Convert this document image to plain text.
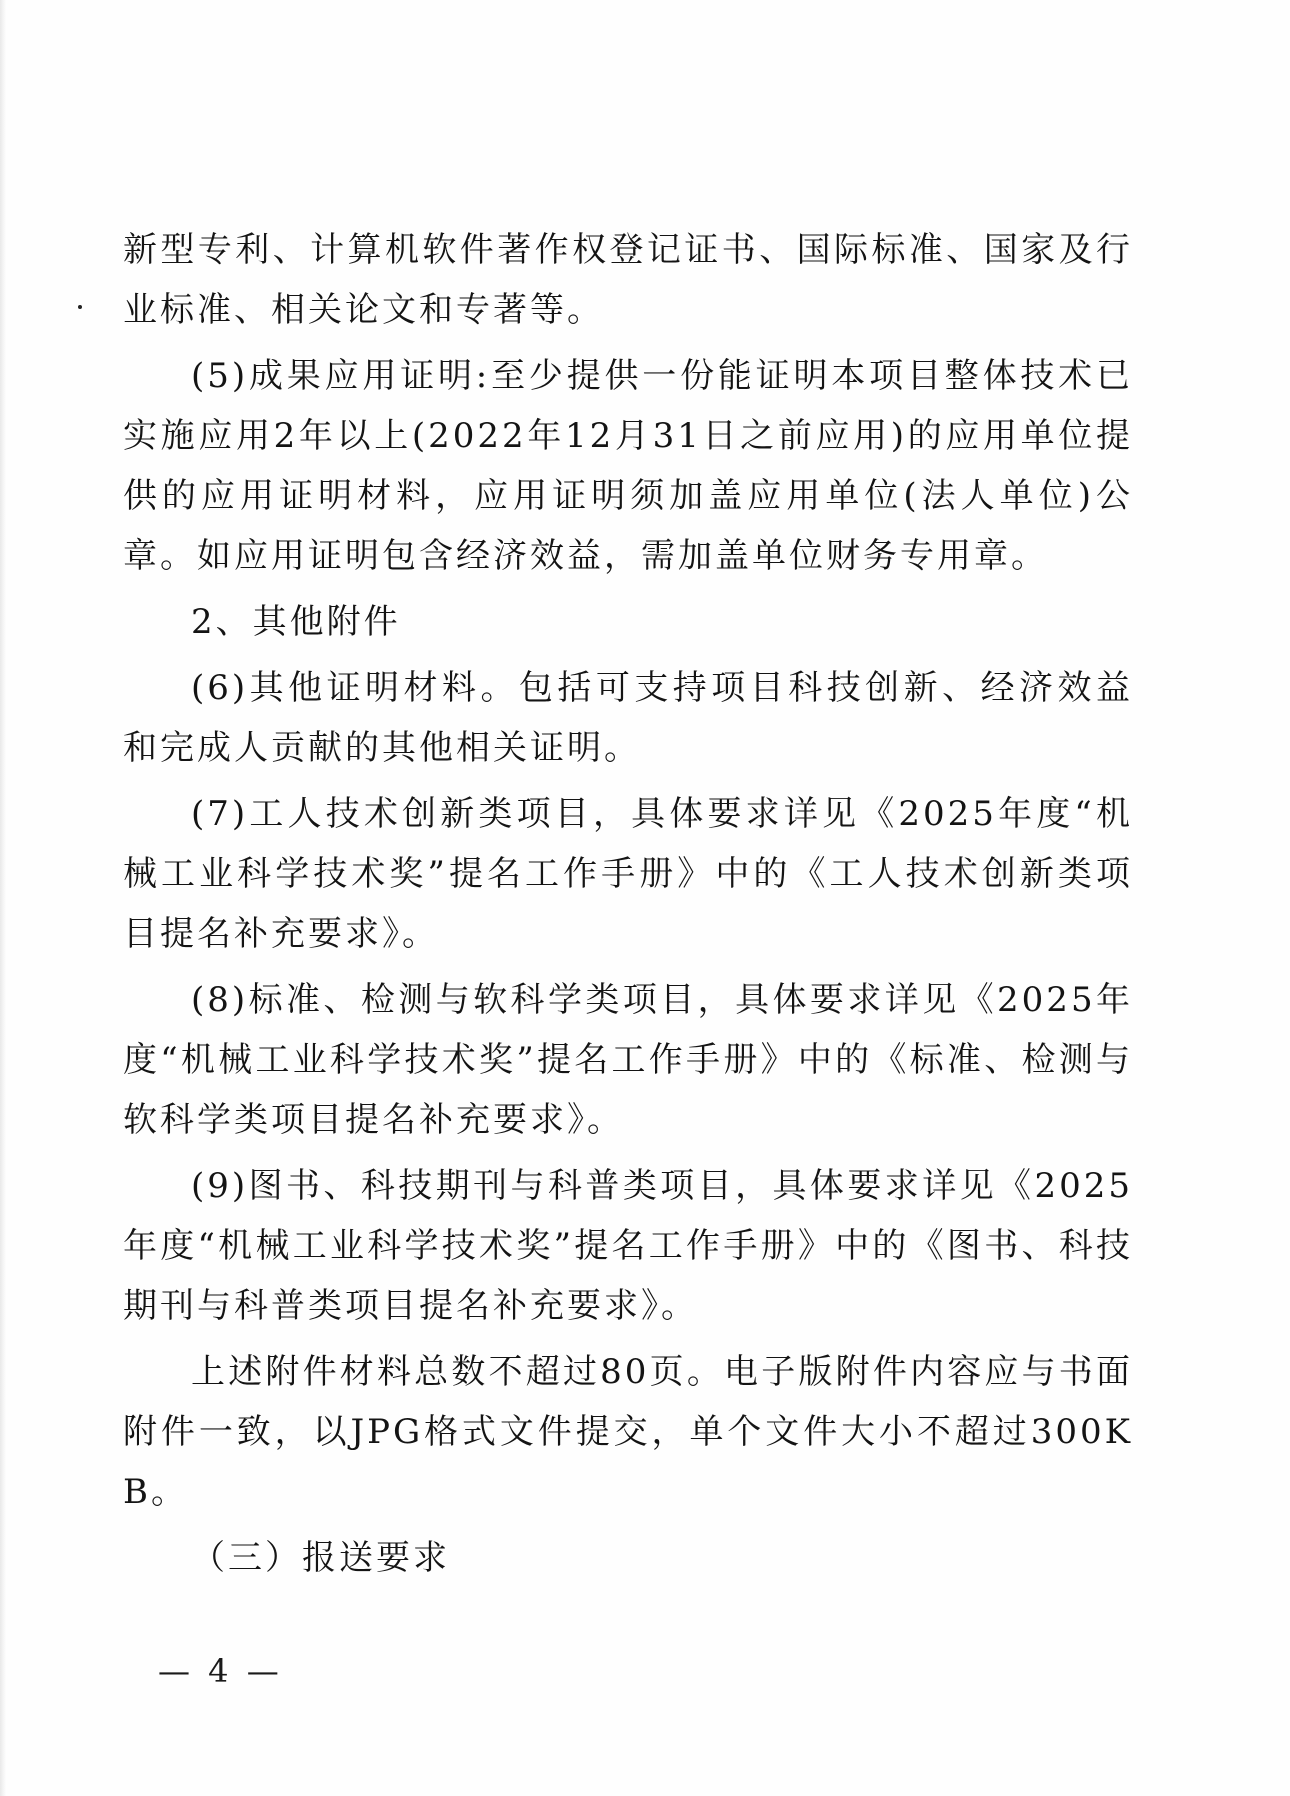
新型专利、计算机软件著作权登记证书、国际标准、国家及行业标准、相关论文和专著等。

(5)成果应用证明:至少提供一份能证明本项目整体技术已实施应用2年以上(2022年12月31日之前应用)的应用单位提供的应用证明材料，应用证明须加盖应用单位(法人单位)公章。如应用证明包含经济效益，需加盖单位财务专用章。

2、其他附件

(6)其他证明材料。包括可支持项目科技创新、经济效益和完成人贡献的其他相关证明。

(7)工人技术创新类项目，具体要求详见《2025年度“机械工业科学技术奖”提名工作手册》中的《工人技术创新类项目提名补充要求》。

(8)标准、检测与软科学类项目，具体要求详见《2025年度“机械工业科学技术奖”提名工作手册》中的《标准、检测与软科学类项目提名补充要求》。

(9)图书、科技期刊与科普类项目，具体要求详见《2025年度“机械工业科学技术奖”提名工作手册》中的《图书、科技期刊与科普类项目提名补充要求》。

上述附件材料总数不超过80页。电子版附件内容应与书面附件一致，以JPG格式文件提交，单个文件大小不超过300KB。

（三）报送要求

— 4 —
